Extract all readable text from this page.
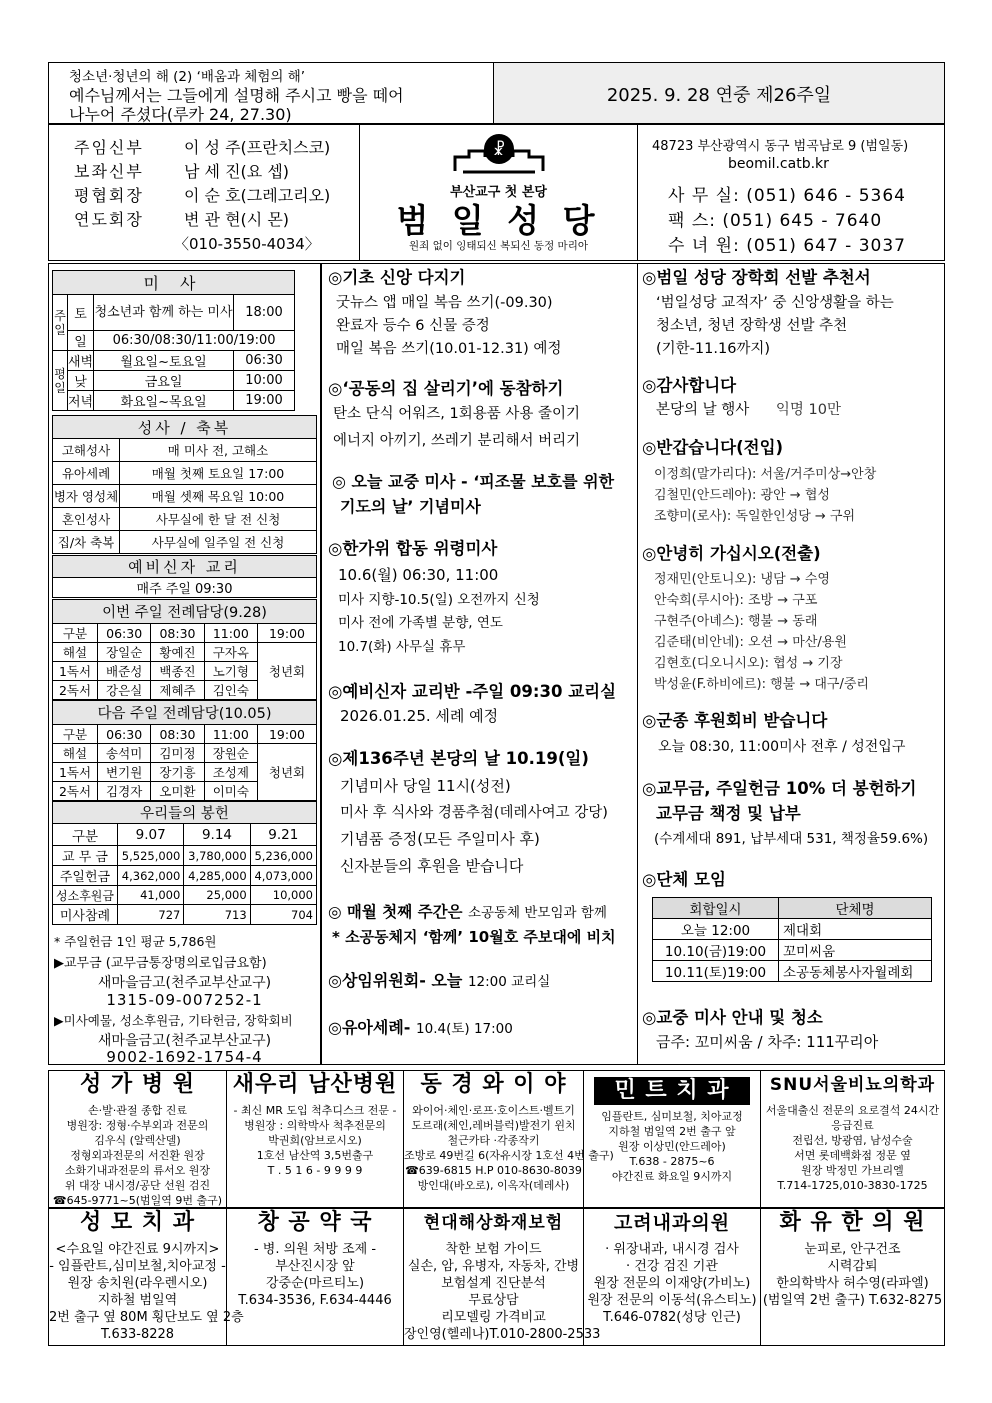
청소년·청년의 해 (2) ‘배움과 체험의 해’
예수님께서는 그들에게 설명해 주시고 빵을 떼어
나누어 주셨다(루카 24, 27.30)
2025. 9. 28 연중 제26주일
〈010-3550-4034〉
주임신부	이 성 주(프란치스코)
보좌신부	남 세 진(요 셉)
평협회장	이 순 호(그레고리오)
연도회장	변 관 현(시 몬)
☧
부산교구 첫 본당
범 일 성 당
원죄 없이 잉태되신 복되신 동정 마리아
48723 부산광역시 동구 범곡남로 9 (범일동)
beomil.catb.kr
사 무 실: (051) 646 - 5364
팩 스: (051) 645 - 7640
수 녀 원: (051) 647 - 3037
미 사			
주일	토	청소년과 함께 하는 미사	18:00
	일	06:30/08:30/11:00/19:00	
평일	새벽	월요일~토요일	06:30
	낮	금요일	10:00
	저녁	화요일~목요일	19:00
성사 / 축복	
고해성사	매 미사 전, 고해소
유아세례	매월 첫째 토요일 17:00
병자 영성체	매월 셋째 목요일 10:00
혼인성사	사무실에 한 달 전 신청
집/차 축복	사무실에 일주일 전 신청
예비신자 교리
매주 주일 09:30
이번 주일 전례담당(9.28)				
구분	06:30	08:30	11:00	19:00
해설	장일순	황예진	구자옥	청년회
1독서	배준성	백종진	노기형	
2독서	강은실	제혜주	김인숙	
다음 주일 전례담당(10.05)				
구분	06:30	08:30	11:00	19:00
해설	송석미	김미정	장원순	청년회
1독서	변기원	장기흥	조성제	
2독서	김경자	오미환	이미숙	
우리들의 봉헌			
구분	9.07	9.14	9.21
교 무 금	5,525,000	3,780,000	5,236,000
주일헌금	4,362,000	4,285,000	4,073,000
성소후원금	41,000	25,000	10,000
미사참례	727	713	704
* 주일헌금 1인 평균 5,786원
▶교무금 (교무금통장명의로입금요함)
새마을금고(천주교부산교구)
1315-09-007252-1
▶미사예물, 성소후원금, 기타헌금, 장학회비
새마을금고(천주교부산교구)
9002-1692-1754-4
◎기초 신앙 다지기
굿뉴스 앱 매일 복음 쓰기(-09.30)
완료자 등수 6 신물 증정
매일 복음 쓰기(10.01-12.31) 예정
◎‘공동의 집 살리기’에 동참하기
탄소 단식 어워즈, 1회용품 사용 줄이기
에너지 아끼기, 쓰레기 분리해서 버리기
◎ 오늘 교중 미사 - ‘피조물 보호를 위한
기도의 날’ 기념미사
◎한가위 합동 위령미사
10.6(월) 06:30, 11:00
미사 지향-10.5(일) 오전까지 신청
미사 전에 가족별 분향, 연도
10.7(화) 사무실 휴무
◎예비신자 교리반 -주일 09:30 교리실
2026.01.25. 세례 예정
◎제136주년 본당의 날 10.19(일)
기념미사 당일 11시(성전)
미사 후 식사와 경품추첨(데레사여고 강당)
기념품 증정(모든 주일미사 후)
신자분들의 후원을 받습니다
◎ 매월 첫째 주간은 소공동체 반모임과 함께
* 소공동체지 ‘함께’ 10월호 주보대에 비치
◎상임위원회- 오늘 12:00 교리실
◎유아세례- 10.4(토) 17:00
◎범일 성당 장학회 선발 추천서
‘범일성당 교적자’ 중 신앙생활을 하는
청소년, 청년 장학생 선발 추천
(기한-11.16까지)
◎감사합니다
본당의 날 행사 익명 10만
◎반갑습니다(전입)
이정희(말가리다): 서울/거주미상→안창
김철민(안드레아): 광안 → 협성
조향미(로사): 독일한인성당 → 구위
◎안녕히 가십시오(전출)
정재민(안토니오): 냉담 → 수영
안숙희(루시아): 조방 → 구포
구현주(아녜스): 행불 → 동래
김준태(비안네): 오션 → 마산/용원
김현호(디오니시오): 협성 → 기장
박성윤(F.하비에르): 행불 → 대구/중리
◎군종 후원회비 받습니다
오늘 08:30, 11:00미사 전후 / 성전입구
◎교무금, 주일헌금 10% 더 봉헌하기
교무금 책정 및 납부
(수계세대 891, 납부세대 531, 책정율59.6%)
◎단체 모임
회합일시	단체명
오늘 12:00	제대회
10.10(금)19:00	꼬미씨움
10.11(토)19:00	소공동체봉사자월례회
◎교중 미사 안내 및 청소
금주: 꼬미씨움 / 차주: 111꾸리아
성 가 병 원
손·발·관절 종합 진료
병원장: 정형·수부외과 전문의
김우식 (알렉산델)
정형외과전문의 서진환 원장
소화기내과전문의 류서오 원장
위 대장 내시경/공단 선원 검진
☎645-9771~5(범일역 9번 출구)
새우리 남산병원
- 최신 MR 도입 척추디스크 전문 -
병원장 : 의학박사 척추전문의
박권희(암브로시오)
1호선 남산역 3,5번출구
T . 5 1 6 - 9 9 9 9
동 경 와 이 야
와이어·체인·로프·호이스트·벨트기
도르래(체인,레버블럭)발전기 윈치
철근카타 ·각종작키
조방로 49번길 6(자유시장 1호선 4번 출구)
☎639-6815 H.P 010-8630-8039
방인대(바오로), 이옥자(데레사)
민 트 치 과
임플란트, 심미보철, 치아교정
지하철 범일역 2번 출구 앞
원장 이상민(안드레아)
T.638 - 2875~6
야간진료 화요일 9시까지
SNU서울비뇨의학과
서울대출신 전문의 요로결석 24시간
응급진료
전립선, 방광염, 남성수술
서면 롯데백화점 정문 옆
원장 박정민 가브리엘
T.714-1725,010-3830-1725
성 모 치 과
<수요일 야간진료 9시까지>
- 임플란트,심미보철,치아교정 -
원장 송치원(라우렌시오)
지하철 범일역
2번 출구 옆 80M 횡단보도 옆 2층
T.633-8228
창 공 약 국
- 병. 의원 처방 조제 -
부산진시장 앞
강중순(마르티노)
T.634-3536, F.634-4446
현대해상화재보험
착한 보험 가이드
실손, 암, 유병자, 자동차, 간병
보험설계 진단분석
무료상담
리모델링 가격비교
장인영(헬레나)T.010-2800-2533
고려내과의원
· 위장내과, 내시경 검사
· 건강 검진 기관
원장 전문의 이재양(가비노)
원장 전문의 이동석(유스티노)
T.646-0782(성당 인근)
화 유 한 의 원
눈피로, 안구건조
시력감퇴
한의학박사 허수영(라파엘)
(범일역 2번 출구) T.632-8275
